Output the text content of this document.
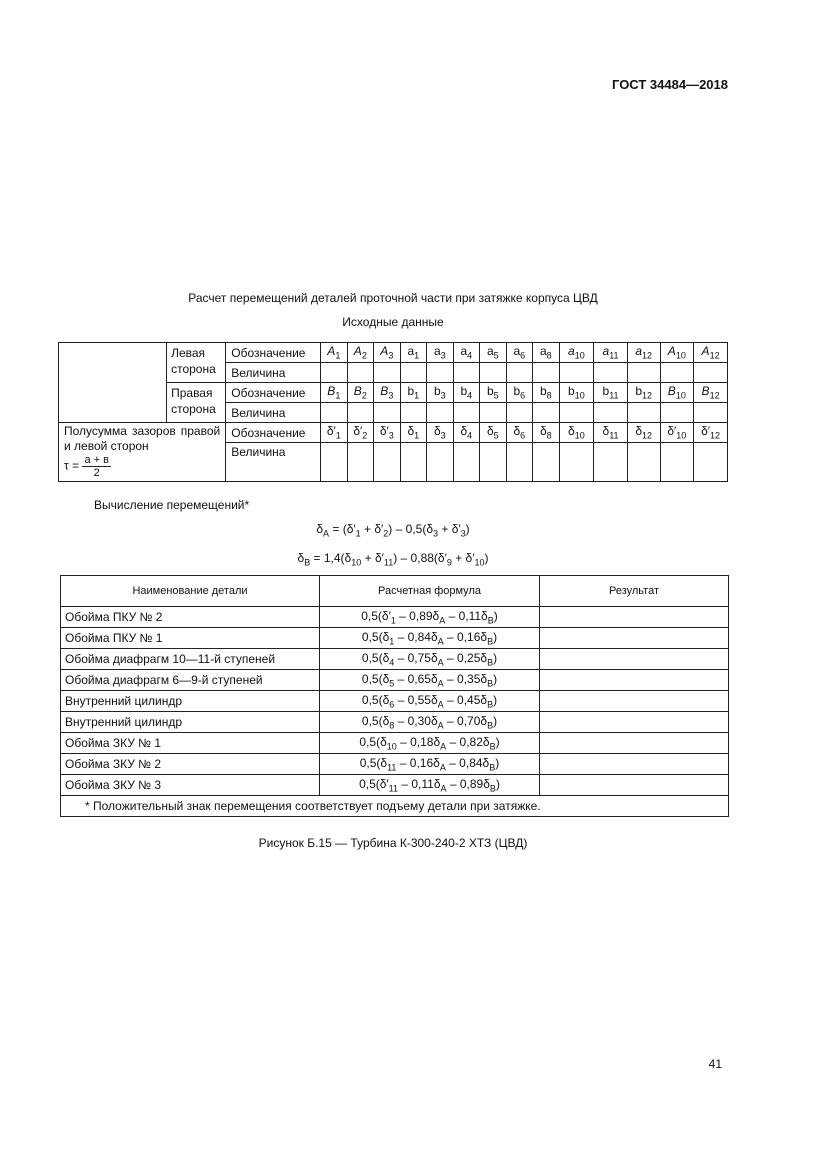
ГОСТ 34484—2018
Расчет перемещений деталей проточной части при затяжке корпуса ЦВД
Исходные данные
	Левая сторона	Обозначение	$A_1$	$A_2$	$A_3$	$a_1$	$a_3$	$a_4$	$a_5$	$a_6$	$a_8$	$a_{10}$	$a_{11}$	$a_{12}$	$A_{10}$	$A_{12}$
		Величина														
	Правая сторона	Обозначение	$B_1$	$B_2$	$B_3$	$b_1$	$b_3$	$b_4$	$b_5$	$b_6$	$b_8$	$b_{10}$	$b_{11}$	$b_{12}$	$B_{10}$	$B_{12}$
		Величина														

Полусумма зазоров правой и левой сторон
$\tau = \frac{a + в}{2}$		Обозначение	$\delta'_1$	$\delta'_2$	$\delta'_3$	$\delta_1$	$\delta_3$	$\delta_4$	$\delta_5$	$\delta_6$	$\delta_8$	$\delta_{10}$	$\delta_{11}$	$\delta_{12}$	$\delta'_{10}$	$\delta'_{12}$
		Величина														
Вычисление перемещений*
$\delta_A = (\delta'_1 + \delta'_2) - 0,5(\delta_3 + \delta'_3)$
$\delta_B = 1,4(\delta_{10} + \delta'_{11}) - 0,88(\delta'_9 + \delta'_{10})$
Наименование детали	Расчетная формула	Результат
Обойма ПКУ № 2	$0,5(\delta'_1 - 0,89\delta_A - 0,11\delta_B)$	
Обойма ПКУ № 1	$0,5(\delta_1 - 0,84\delta_A - 0,16\delta_B)$	
Обойма диафрагм 10—11-й ступеней	$0,5(\delta_4 - 0,75\delta_A - 0,25\delta_B)$	
Обойма диафрагм 6—9-й ступеней	$0,5(\delta_5 - 0,65\delta_A - 0,35\delta_B)$	
Внутренний цилиндр	$0,5(\delta_6 - 0,55\delta_A - 0,45\delta_B)$	
Внутренний цилиндр	$0,5(\delta_8 - 0,30\delta_A - 0,70\delta_B)$	
Обойма ЗКУ № 1	$0,5(\delta_{10} - 0,18\delta_A - 0,82\delta_B)$	
Обойма ЗКУ № 2	$0,5(\delta_{11} - 0,16\delta_A - 0,84\delta_B)$	
Обойма ЗКУ № 3	$0,5(\delta'_{11} - 0,11\delta_A - 0,89\delta_B)$	
* Положительный знак перемещения соответствует подъему детали при затяжке.		
Рисунок Б.15 — Турбина К-300-240-2 ХТЗ (ЦВД)
41
